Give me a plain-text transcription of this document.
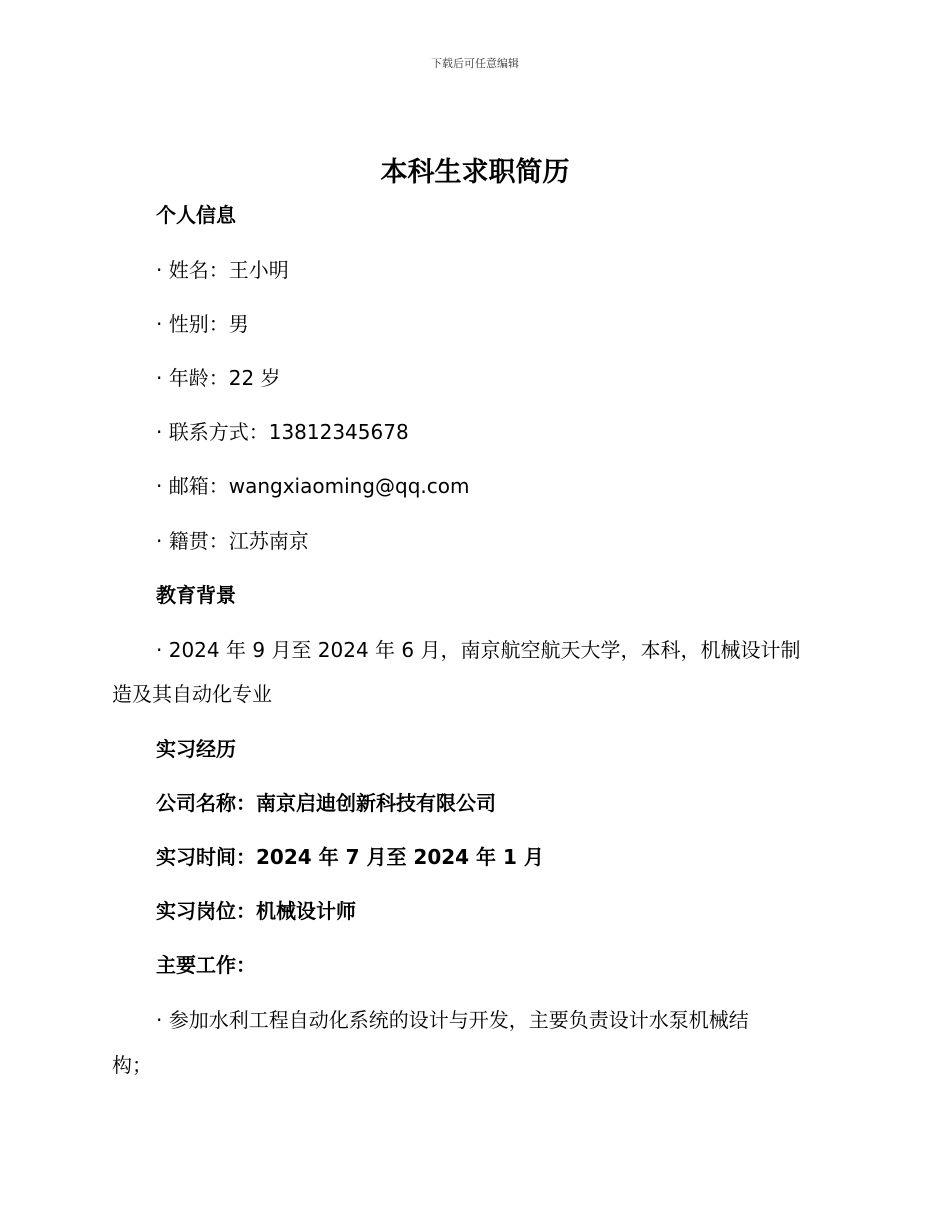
下载后可任意编辑
本科生求职简历
个人信息
· 姓名：王小明
· 性别：男
· 年龄：22 岁
· 联系方式：13812345678
· 邮箱：wangxiaoming@qq.com
· 籍贯：江苏南京
教育背景
· 2024 年 9 月至 2024 年 6 月，南京航空航天大学，本科，机械设计制
造及其自动化专业
实习经历
公司名称：南京启迪创新科技有限公司
实习时间：2024 年 7 月至 2024 年 1 月
实习岗位：机械设计师
主要工作：
· 参加水利工程自动化系统的设计与开发，主要负责设计水泵机械结
构；
